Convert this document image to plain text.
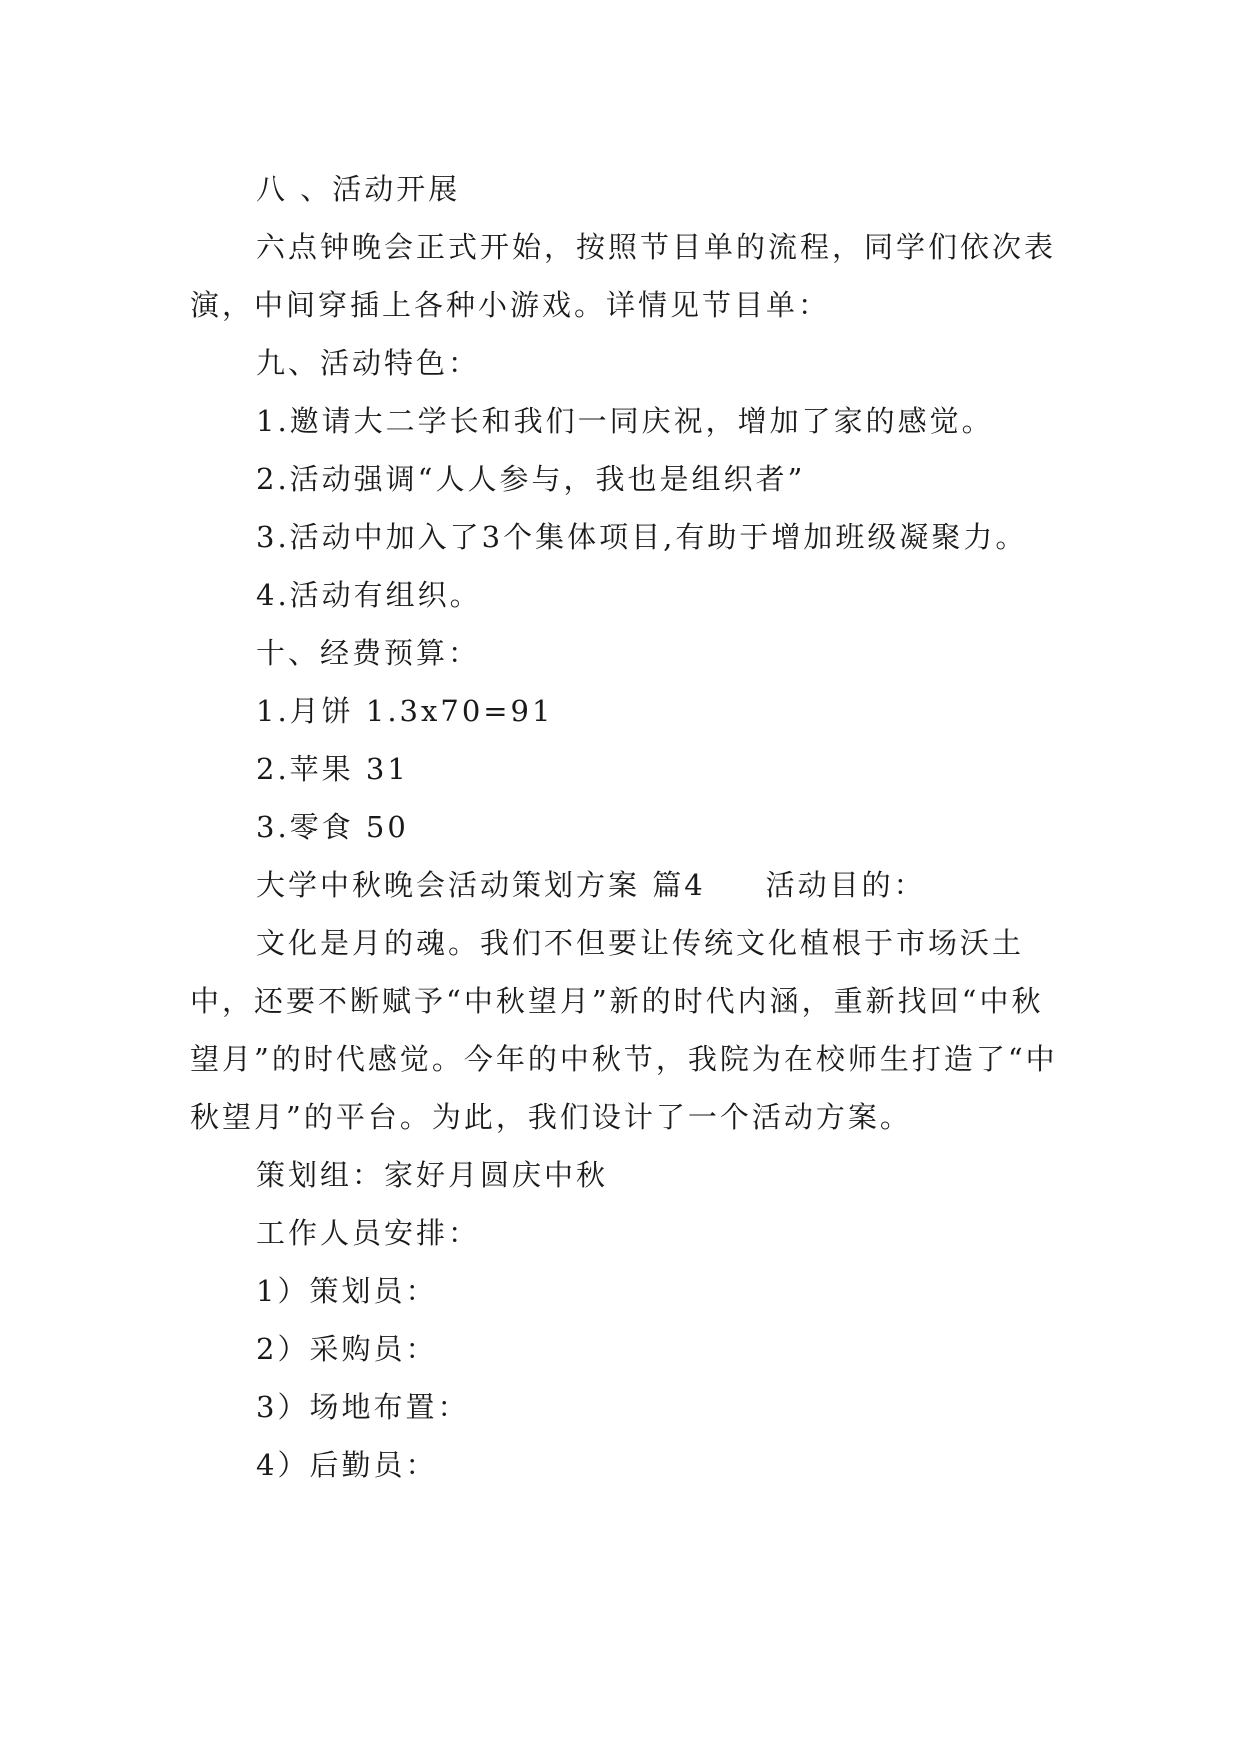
八 、活动开展

六点钟晚会正式开始，按照节目单的流程，同学们依次表演，中间穿插上各种小游戏。详情见节目单：

九、活动特色：

1.邀请大二学长和我们一同庆祝，增加了家的感觉。

2.活动强调“人人参与，我也是组织者”

3.活动中加入了3个集体项目,有助于增加班级凝聚力。

4.活动有组织。

十、经费预算：

1.月饼 1.3x70=91

2.苹果 31

3.零食 50

大学中秋晚会活动策划方案 篇4 活动目的：

文化是月的魂。我们不但要让传统文化植根于市场沃土中，还要不断赋予“中秋望月”新的时代内涵，重新找回“中秋望月”的时代感觉。今年的中秋节，我院为在校师生打造了“中秋望月”的平台。为此，我们设计了一个活动方案。

策划组：家好月圆庆中秋

工作人员安排：

1）策划员：

2）采购员：

3）场地布置：

4）后勤员：
